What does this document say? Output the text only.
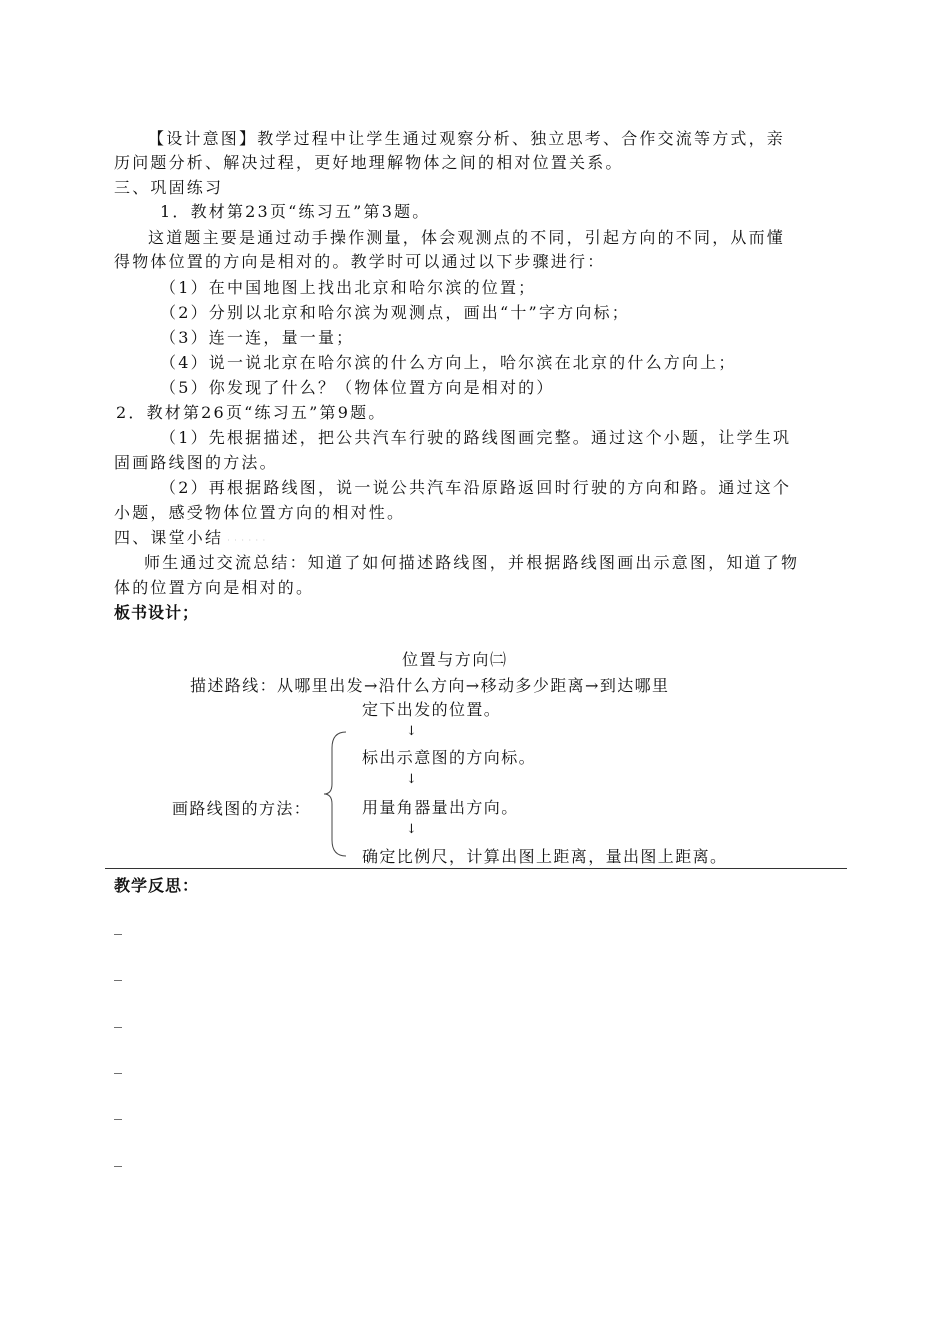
【设计意图】教学过程中让学生通过观察分析、独立思考、合作交流等方式，亲
历问题分析、解决过程，更好地理解物体之间的相对位置关系。
三、巩固练习
1．教材第23页“练习五”第3题。
这道题主要是通过动手操作测量，体会观测点的不同，引起方向的不同，从而懂
得物体位置的方向是相对的。教学时可以通过以下步骤进行：
（1）在中国地图上找出北京和哈尔滨的位置；
（2）分别以北京和哈尔滨为观测点，画出“十”字方向标；
（3）连一连，量一量；
（4）说一说北京在哈尔滨的什么方向上，哈尔滨在北京的什么方向上；
（5）你发现了什么？（物体位置方向是相对的）
2．教材第26页“练习五”第9题。
（1）先根据描述，把公共汽车行驶的路线图画完整。通过这个小题，让学生巩
固画路线图的方法。
（2）再根据路线图，说一说公共汽车沿原路返回时行驶的方向和路。通过这个
小题，感受物体位置方向的相对性。
四、课堂小结 · · · · · ·
师生通过交流总结：知道了如何描述路线图，并根据路线图画出示意图，知道了物
体的位置方向是相对的。
板书设计；
位置与方向㈡
描述路线：从哪里出发→沿什么方向→移动多少距离→到达哪里
定下出发的位置。
↓
标出示意图的方向标。
↓
画路线图的方法：	用量角器量出方向。
↓
确定比例尺，计算出图上距离，量出图上距离。
教学反思：
_
_
_
_
_
_
